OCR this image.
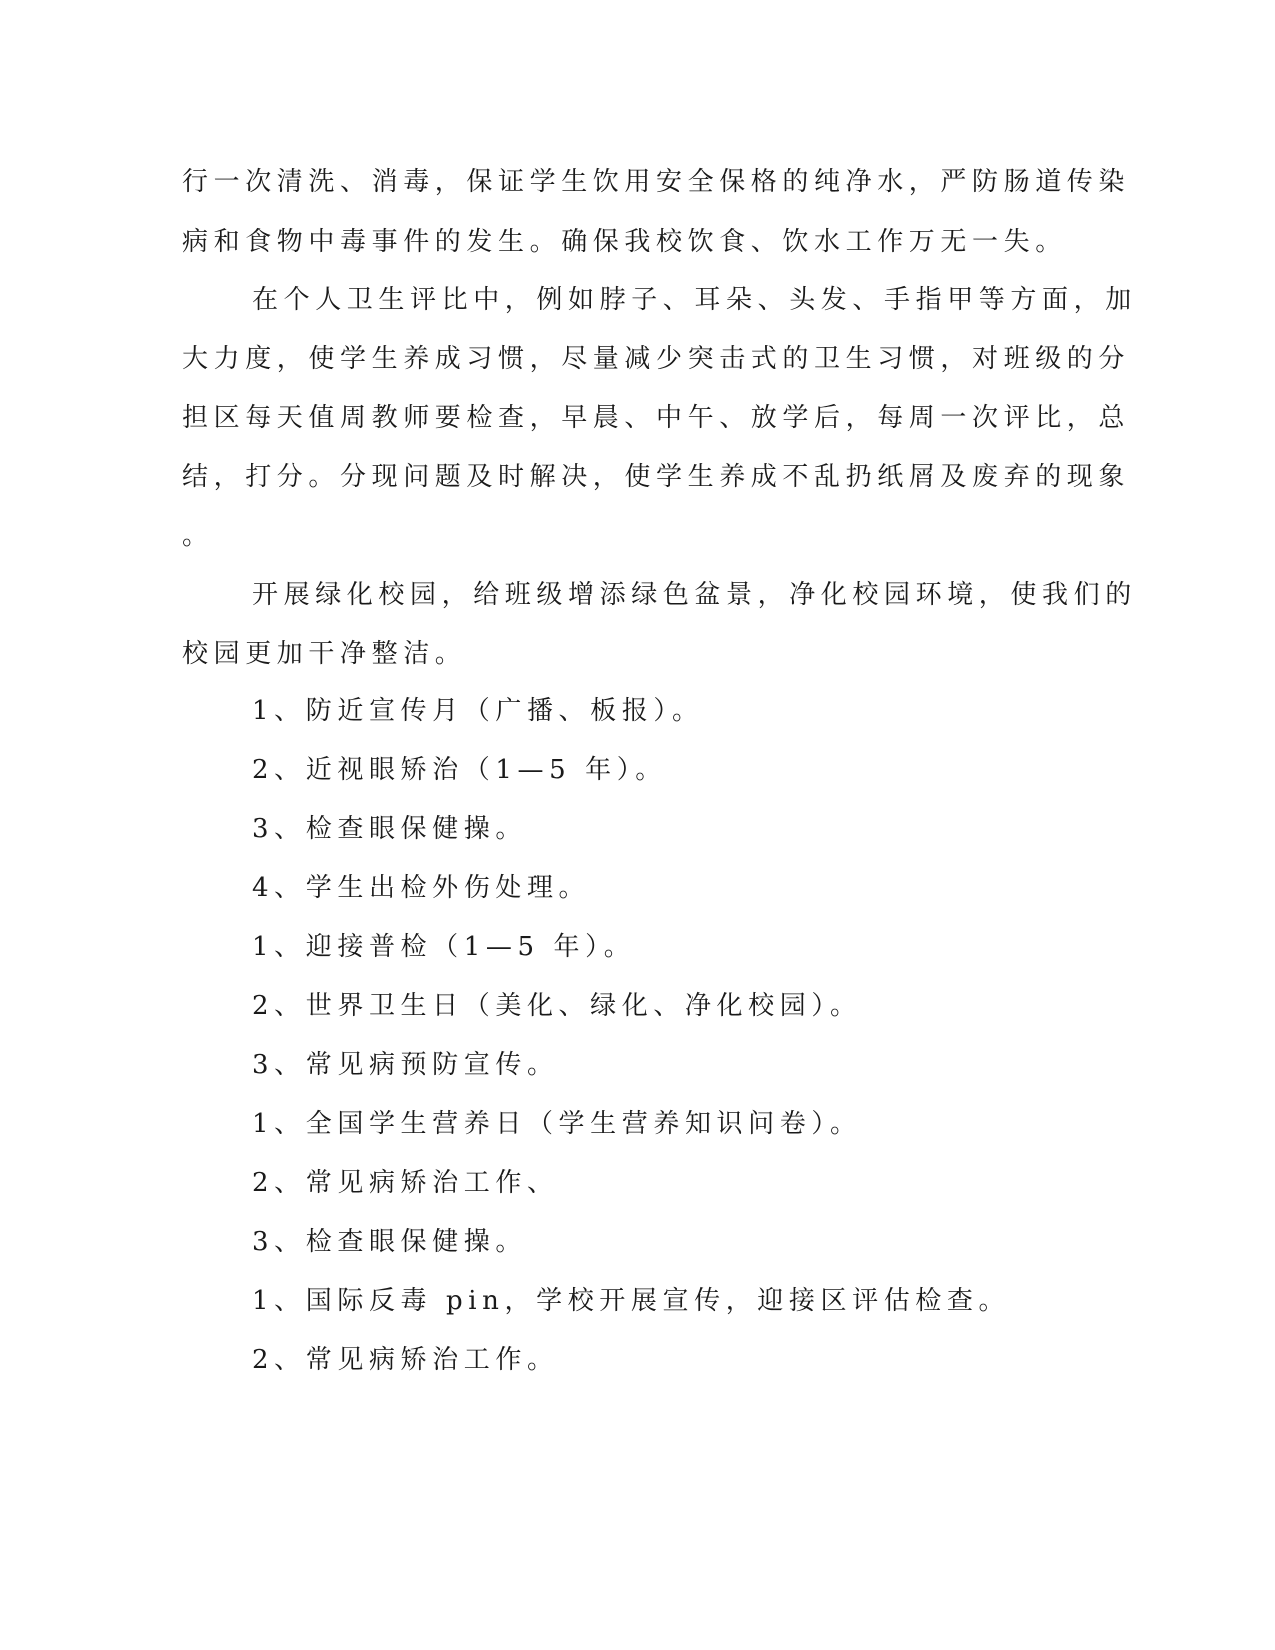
行一次清洗、消毒，保证学生饮用安全保格的纯净水，严防肠道传染
病和食物中毒事件的发生。确保我校饮食、饮水工作万无一失。
在个人卫生评比中，例如脖子、耳朵、头发、手指甲等方面，加
大力度，使学生养成习惯，尽量减少突击式的卫生习惯，对班级的分
担区每天值周教师要检查，早晨、中午、放学后，每周一次评比，总
结，打分。分现问题及时解决，使学生养成不乱扔纸屑及废弃的现象
。
开展绿化校园，给班级增添绿色盆景，净化校园环境，使我们的
校园更加干净整洁。
1、防近宣传月（广播、板报）。
2、近视眼矫治（1—5 年）。
3、检查眼保健操。
4、学生出检外伤处理。
1、迎接普检（1—5 年）。
2、世界卫生日（美化、绿化、净化校园）。
3、常见病预防宣传。
1、全国学生营养日（学生营养知识问卷）。
2、常见病矫治工作、
3、检查眼保健操。
1、国际反毒 pin，学校开展宣传，迎接区评估检查。
2、常见病矫治工作。
